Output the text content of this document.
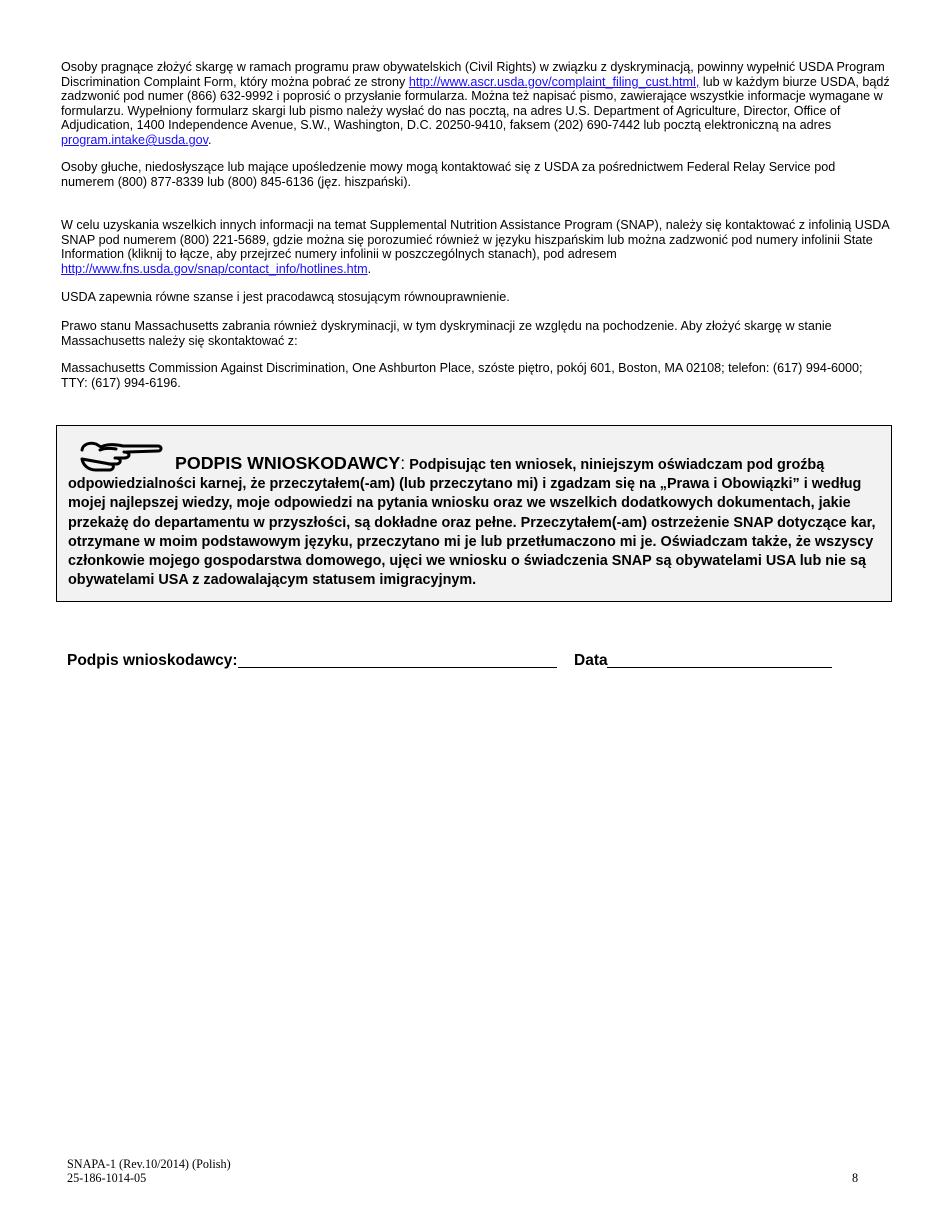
Osoby pragnące złożyć skargę w ramach programu praw obywatelskich (Civil Rights) w związku z dyskryminacją, powinny wypełnić USDA Program Discrimination Complaint Form, który można pobrać ze strony http://www.ascr.usda.gov/complaint_filing_cust.html, lub w każdym biurze USDA, bądź zadzwonić pod numer (866) 632-9992 i poprosić o przysłanie formularza. Można też napisać pismo, zawierające wszystkie informacje wymagane w formularzu. Wypełniony formularz skargi lub pismo należy wysłać do nas pocztą, na adres U.S. Department of Agriculture, Director, Office of Adjudication, 1400 Independence Avenue, S.W., Washington, D.C. 20250-9410, faksem (202) 690-7442 lub pocztą elektroniczną na adres program.intake@usda.gov.

Osoby głuche, niedosłyszące lub mające upośledzenie mowy mogą kontaktować się z USDA za pośrednictwem Federal Relay Service pod numerem (800) 877-8339 lub (800) 845-6136 (jęz. hiszpański).

W celu uzyskania wszelkich innych informacji na temat Supplemental Nutrition Assistance Program (SNAP), należy się kontaktować z infolinią USDA SNAP pod numerem (800) 221-5689, gdzie można się porozumieć również w języku hiszpańskim lub można zadzwonić pod numery infolinii State Information (kliknij to łącze, aby przejrzeć numery infolinii w poszczególnych stanach), pod adresem http://www.fns.usda.gov/snap/contact_info/hotlines.htm.

USDA zapewnia równe szanse i jest pracodawcą stosującym równouprawnienie.

Prawo stanu Massachusetts zabrania również dyskryminacji, w tym dyskryminacji ze względu na pochodzenie. Aby złożyć skargę w stanie Massachusetts należy się skontaktować z:

Massachusetts Commission Against Discrimination, One Ashburton Place, szóste piętro, pokój 601, Boston, MA 02108; telefon: (617) 994-6000; TTY: (617) 994-6196.

PODPIS WNIOSKODAWCY: Podpisując ten wniosek, niniejszym oświadczam pod groźbą odpowiedzialności karnej, że przeczytałem(-am) (lub przeczytano mi) i zgadzam się na „Prawa i Obowiązki” i według mojej najlepszej wiedzy, moje odpowiedzi na pytania wniosku oraz we wszelkich dodatkowych dokumentach, jakie przekażę do departamentu w przyszłości, są dokładne oraz pełne. Przeczytałem(-am) ostrzeżenie SNAP dotyczące kar, otrzymane w moim podstawowym języku, przeczytano mi je lub przetłumaczono mi je. Oświadczam także, że wszyscy członkowie mojego gospodarstwa domowego, ujęci we wniosku o świadczenia SNAP są obywatelami USA lub nie są obywatelami USA z zadowalającym statusem imigracyjnym.

Podpis wnioskodawcy:	Data
SNAPA-1 (Rev.10/2014) (Polish)
25-186-1014-05	8
